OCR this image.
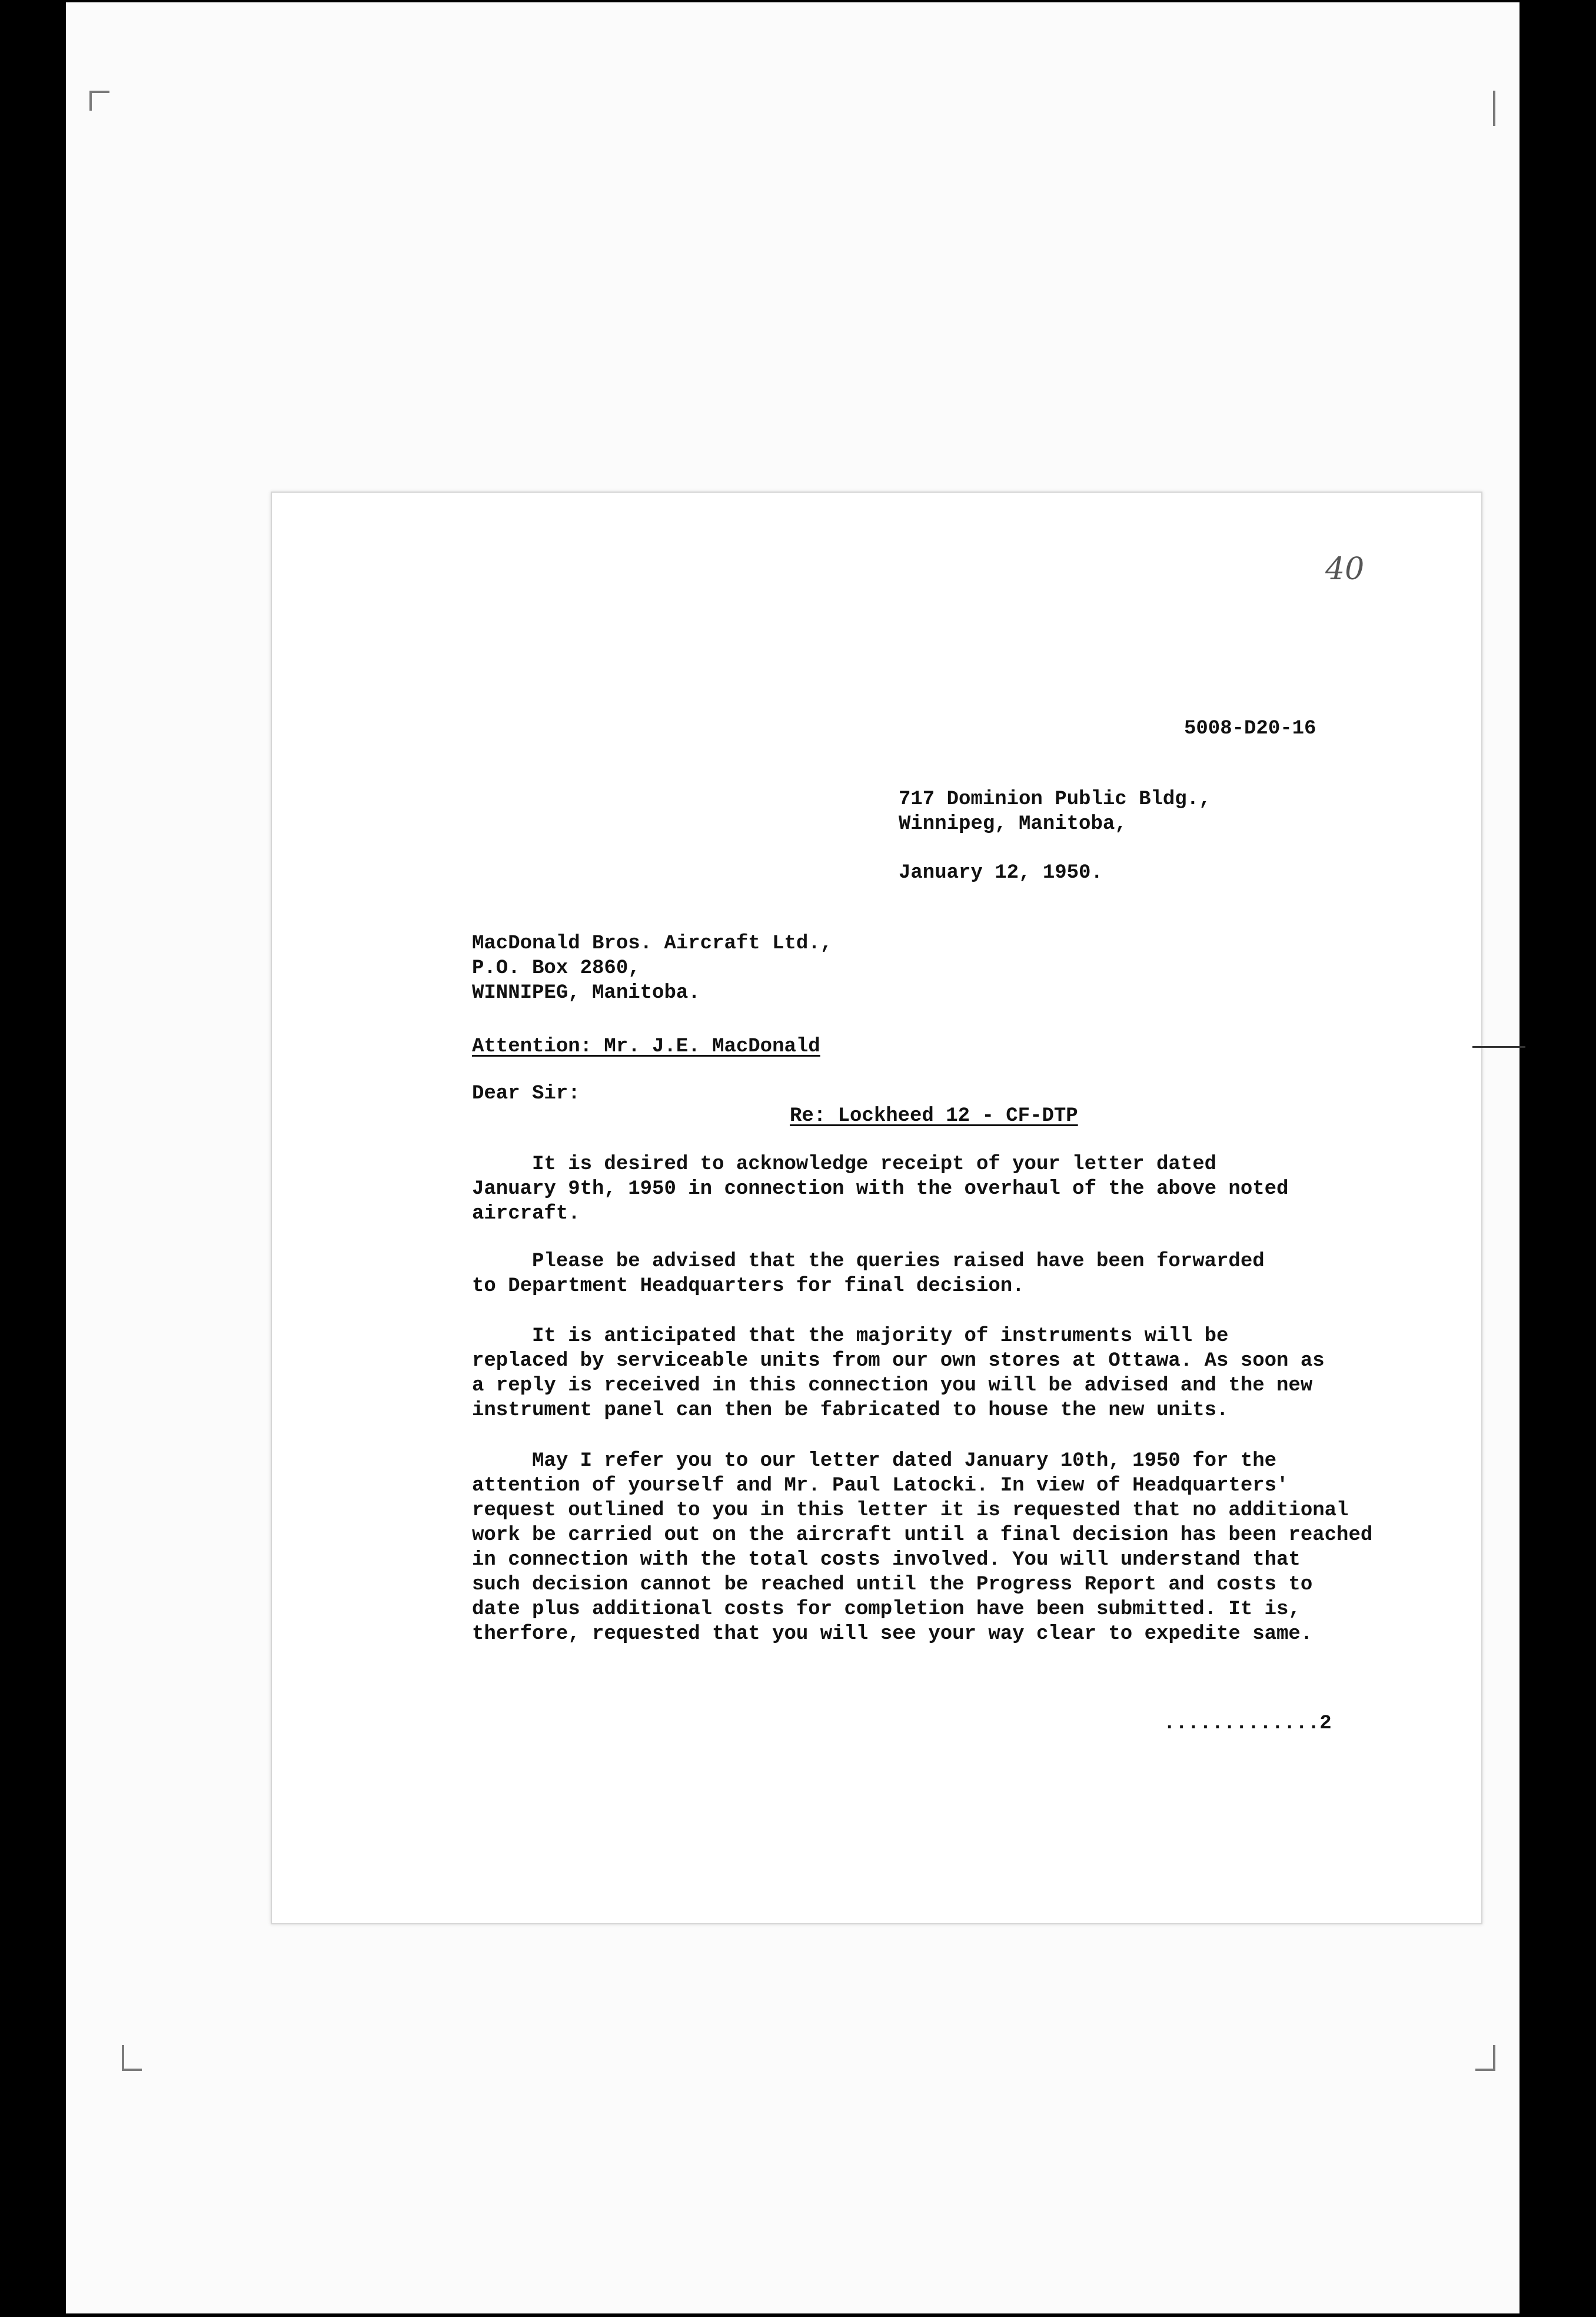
40
5008-D20-16
717 Dominion Public Bldg.,
Winnipeg, Manitoba,
January 12, 1950.
MacDonald Bros. Aircraft Ltd.,
P.O. Box 2860,
WINNIPEG, Manitoba.
Attention: Mr. J.E. MacDonald
Dear Sir:
Re: Lockheed 12 - CF-DTP
It is desired to acknowledge receipt of your letter dated
January 9th, 1950 in connection with the overhaul of the above noted
aircraft.
Please be advised that the queries raised have been forwarded
to Department Headquarters for final decision.
It is anticipated that the majority of instruments will be
replaced by serviceable units from our own stores at Ottawa. As soon as
a reply is received in this connection you will be advised and the new
instrument panel can then be fabricated to house the new units.
May I refer you to our letter dated January 10th, 1950 for the
attention of yourself and Mr. Paul Latocki. In view of Headquarters'
request outlined to you in this letter it is requested that no additional
work be carried out on the aircraft until a final decision has been reached
in connection with the total costs involved. You will understand that
such decision cannot be reached until the Progress Report and costs to
date plus additional costs for completion have been submitted. It is,
therfore, requested that you will see your way clear to expedite same.
.............2
